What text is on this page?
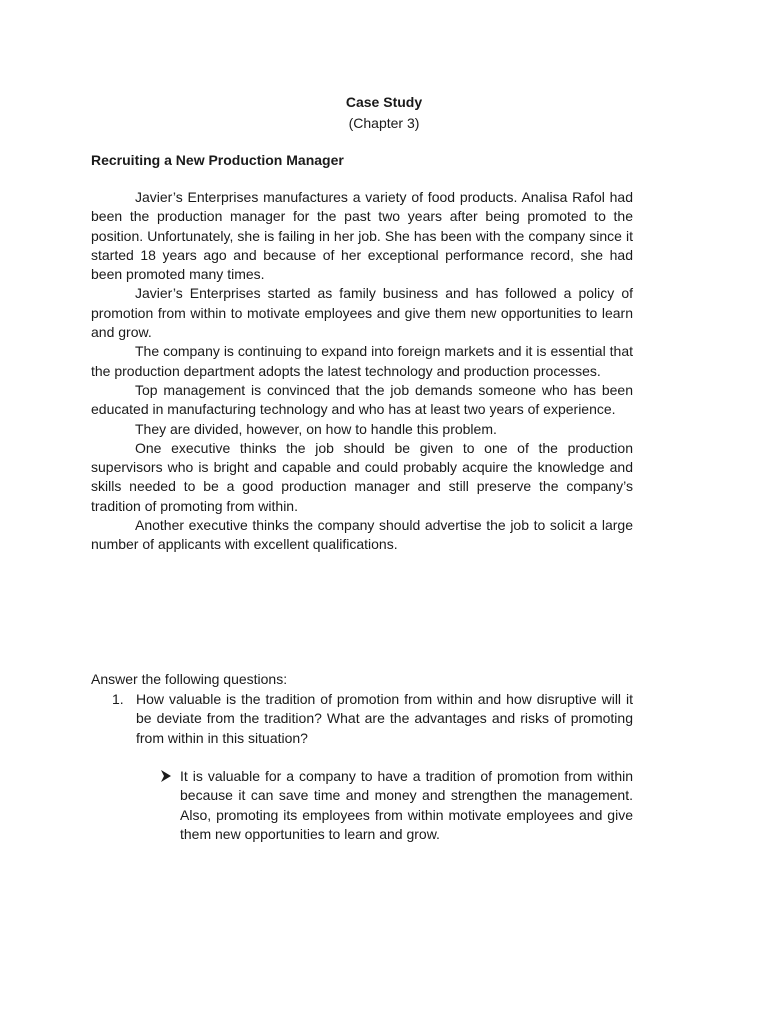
Case Study
(Chapter 3)
Recruiting a New Production Manager

Javier’s Enterprises manufactures a variety of food products. Analisa Rafol had been the production manager for the past two years after being promoted to the position. Unfortunately, she is failing in her job. She has been with the company since it started 18 years ago and because of her exceptional performance record, she had been promoted many times.

Javier’s Enterprises started as family business and has followed a policy of promotion from within to motivate employees and give them new opportunities to learn and grow.

The company is continuing to expand into foreign markets and it is essential that the production department adopts the latest technology and production processes.

Top management is convinced that the job demands someone who has been educated in manufacturing technology and who has at least two years of experience.

They are divided, however, on how to handle this problem.

One executive thinks the job should be given to one of the production supervisors who is bright and capable and could probably acquire the knowledge and skills needed to be a good production manager and still preserve the company’s tradition of promoting from within.

Another executive thinks the company should advertise the job to solicit a large number of applicants with excellent qualifications.

Answer the following questions:
1. How valuable is the tradition of promotion from within and how disruptive will it be deviate from the tradition? What are the advantages and risks of promoting from within in this situation?
It is valuable for a company to have a tradition of promotion from within because it can save time and money and strengthen the management. Also, promoting its employees from within motivate employees and give them new opportunities to learn and grow.
